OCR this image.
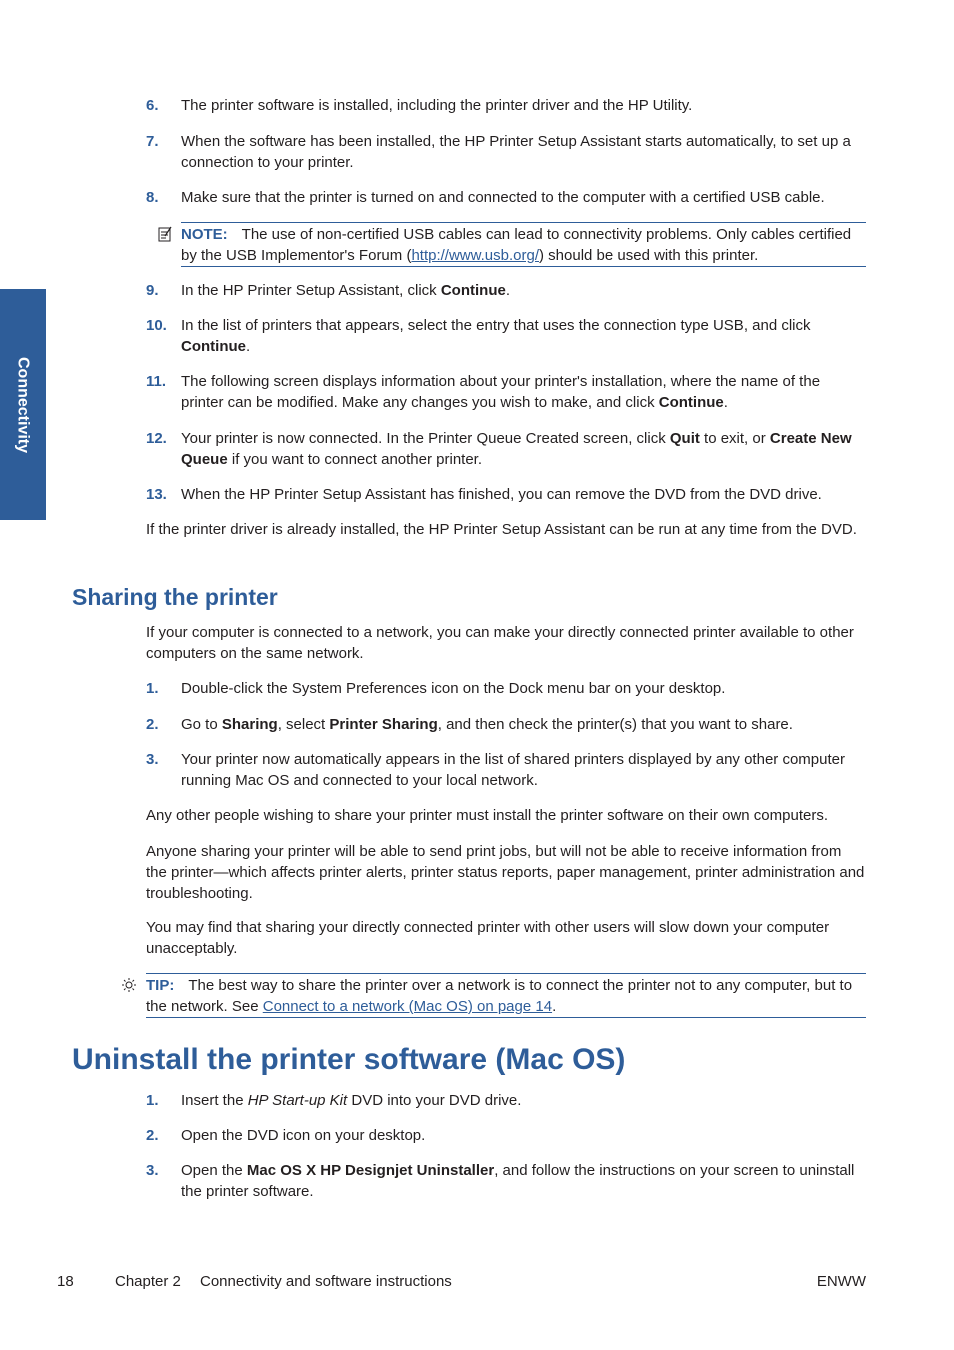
Connectivity
6. The printer software is installed, including the printer driver and the HP Utility.
7. When the software has been installed, the HP Printer Setup Assistant starts automatically, to set up a connection to your printer.
8. Make sure that the printer is turned on and connected to the computer with a certified USB cable.
NOTE: The use of non-certified USB cables can lead to connectivity problems. Only cables certified by the USB Implementor's Forum (http://www.usb.org/) should be used with this printer.
9. In the HP Printer Setup Assistant, click Continue.
10. In the list of printers that appears, select the entry that uses the connection type USB, and click Continue.
11. The following screen displays information about your printer's installation, where the name of the printer can be modified. Make any changes you wish to make, and click Continue.
12. Your printer is now connected. In the Printer Queue Created screen, click Quit to exit, or Create New Queue if you want to connect another printer.
13. When the HP Printer Setup Assistant has finished, you can remove the DVD from the DVD drive.
If the printer driver is already installed, the HP Printer Setup Assistant can be run at any time from the DVD.
Sharing the printer
If your computer is connected to a network, you can make your directly connected printer available to other computers on the same network.
1. Double-click the System Preferences icon on the Dock menu bar on your desktop.
2. Go to Sharing, select Printer Sharing, and then check the printer(s) that you want to share.
3. Your printer now automatically appears in the list of shared printers displayed by any other computer running Mac OS and connected to your local network.
Any other people wishing to share your printer must install the printer software on their own computers.
Anyone sharing your printer will be able to send print jobs, but will not be able to receive information from the printer—which affects printer alerts, printer status reports, paper management, printer administration and troubleshooting.
You may find that sharing your directly connected printer with other users will slow down your computer unacceptably.
TIP: The best way to share the printer over a network is to connect the printer not to any computer, but to the network. See Connect to a network (Mac OS) on page 14.
Uninstall the printer software (Mac OS)
1. Insert the HP Start-up Kit DVD into your DVD drive.
2. Open the DVD icon on your desktop.
3. Open the Mac OS X HP Designjet Uninstaller, and follow the instructions on your screen to uninstall the printer software.
18	Chapter 2 Connectivity and software instructions	ENWW
